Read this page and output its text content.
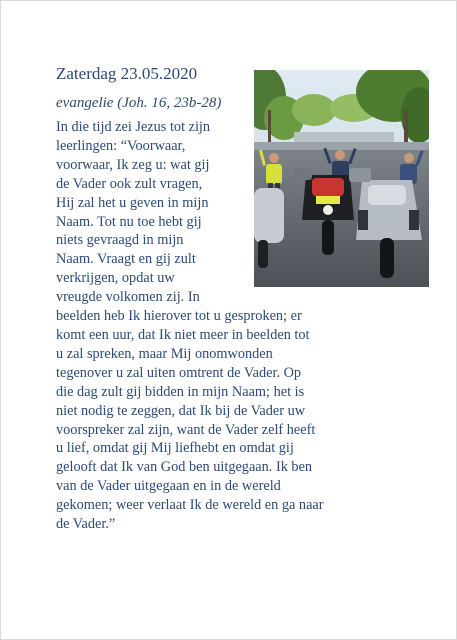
Zaterdag 23.05.2020
evangelie (Joh. 16, 23b-28)
In die tijd zei Jezus tot zijn
leerlingen: “Voorwaar,
voorwaar, Ik zeg u: wat gij
de Vader ook zult vragen,
Hij zal het u geven in mijn
Naam. Tot nu toe hebt gij
niets gevraagd in mijn
Naam. Vraagt en gij zult
verkrijgen, opdat uw
vreugde volkomen zij. In
beelden heb Ik hierover tot u gesproken; er
komt een uur, dat Ik niet meer in beelden tot
u zal spreken, maar Mij onomwonden
tegenover u zal uiten omtrent de Vader. Op
die dag zult gij bidden in mijn Naam; het is
niet nodig te zeggen, dat Ik bij de Vader uw
voorspreker zal zijn, want de Vader zelf heeft
u lief, omdat gij Mij liefhebt en omdat gij
gelooft dat Ik van God ben uitgegaan. Ik ben
van de Vader uitgegaan en in de wereld
gekomen; weer verlaat Ik de wereld en ga naar
de Vader.”
